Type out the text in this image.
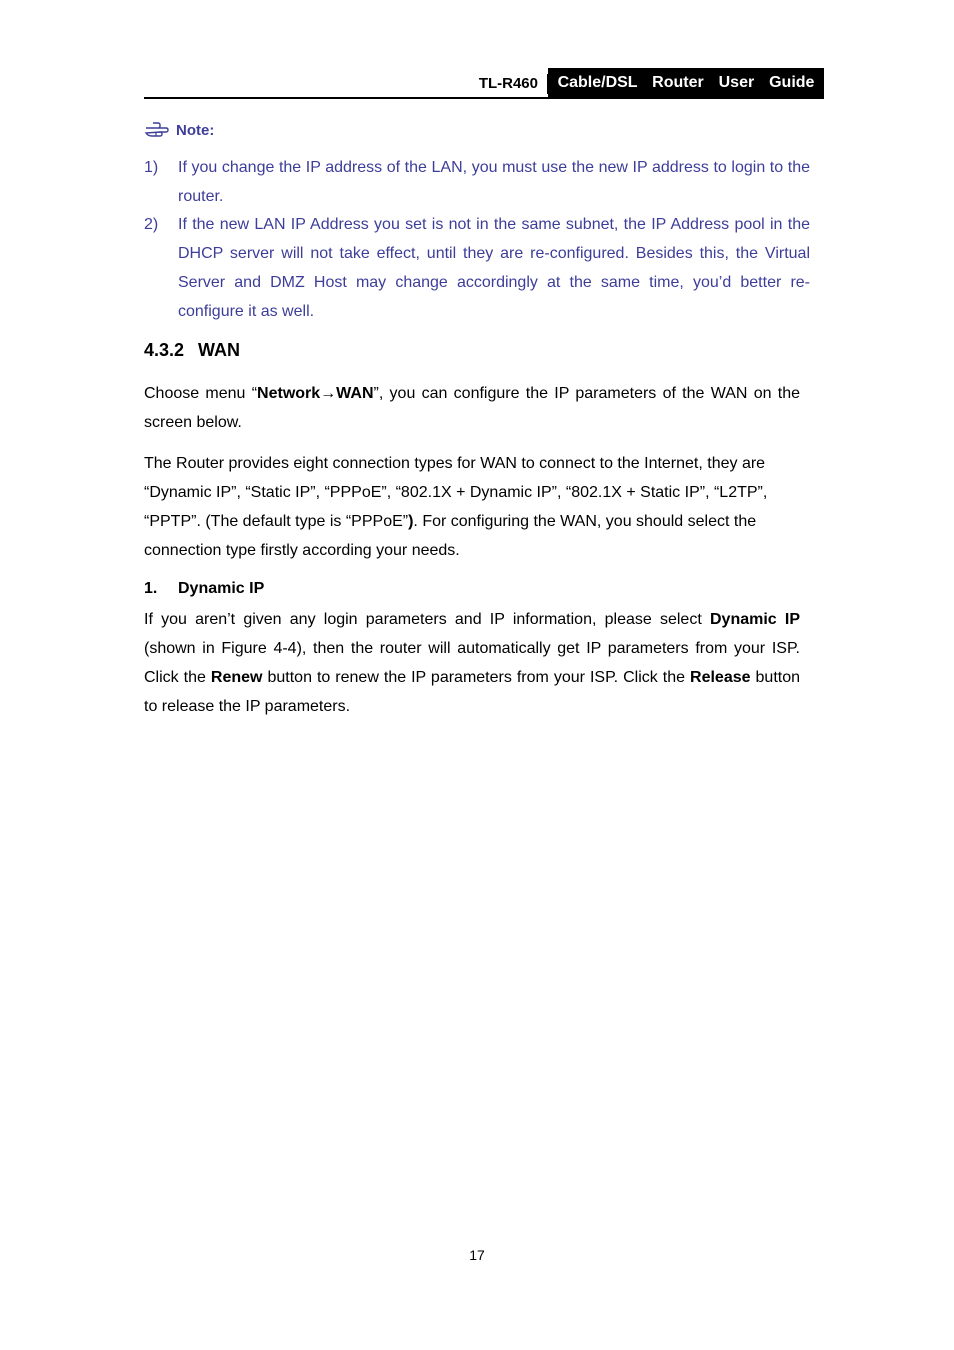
TL-R460	Cable/DSL  Router  User  Guide
Note:
1) If you change the IP address of the LAN, you must use the new IP address to login to the router.
2) If the new LAN IP Address you set is not in the same subnet, the IP Address pool in the DHCP server will not take effect, until they are re-configured. Besides this, the Virtual Server and DMZ Host may change accordingly at the same time, you’d better re-configure it as well.
4.3.2 WAN
Choose menu “Network→WAN”, you can configure the IP parameters of the WAN on the screen below.
The Router provides eight connection types for WAN to connect to the Internet, they are “Dynamic IP”, “Static IP”, “PPPoE”, “802.1X + Dynamic IP”, “802.1X + Static IP”, “L2TP”, “PPTP”. (The default type is “PPPoE”). For configuring the WAN, you should select the connection type firstly according your needs.
1. Dynamic IP
If you aren’t given any login parameters and IP information, please select Dynamic IP (shown in Figure 4-4), then the router will automatically get IP parameters from your ISP. Click the Renew button to renew the IP parameters from your ISP. Click the Release button to release the IP parameters.
17
